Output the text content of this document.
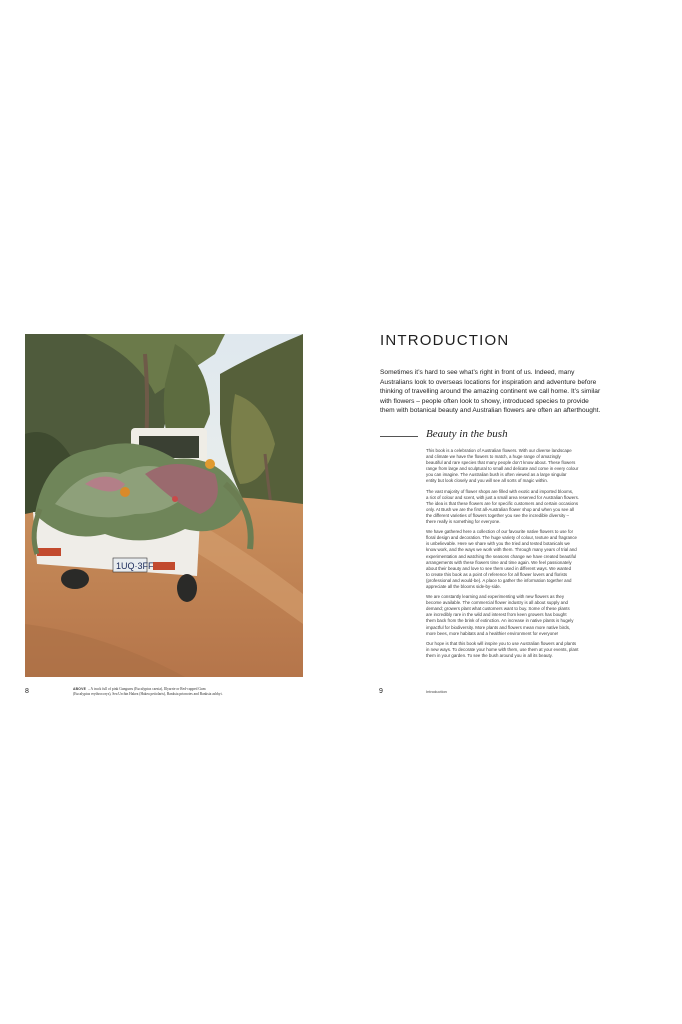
1UQ·3FF
8	ABOVE – A truck full of pink Gungurru (Eucalyptus caesia), Illyarrie or Red-capped Gum
(Eucalyptus erythrocorys), Sea Urchin Hakea (Hakea petiolaris), Banksia prionotes and Banksia ashbyi.
INTRODUCTION
Sometimes it’s hard to see what’s right in front of us. Indeed, many
Australians look to overseas locations for inspiration and adventure before
thinking of travelling around the amazing continent we call home. It’s similar
with flowers – people often look to showy, introduced species to provide
them with botanical beauty and Australian flowers are often an afterthought.
Beauty in the bush

This book is a celebration of Australian flowers. With our diverse landscape
and climate we have the flowers to match, a huge range of amazingly
beautiful and rare species that many people don’t know about. These flowers
range from large and sculptural to small and delicate and come in every colour
you can imagine. The Australian bush is often viewed as a large singular
entity but look closely and you will see all sorts of magic within.

The vast majority of flower shops are filled with exotic and imported blooms,
a riot of colour and scent, with just a small area reserved for Australian flowers.
The idea is that these flowers are for specific customers and certain occasions
only. At Bush we are the first all-Australian flower shop and when you see all
the different varieties of flowers together you see the incredible diversity –
there really is something for everyone.

We have gathered here a collection of our favourite native flowers to use for
floral design and decoration. The huge variety of colour, texture and fragrance
is unbelievable. Here we share with you the tried and tested botanicals we
know work, and the ways we work with them. Through many years of trial and
experimentation and watching the seasons change we have created beautiful
arrangements with these flowers time and time again. We feel passionately
about their beauty and love to see them used in different ways. We wanted
to create this book as a point of reference for all flower lovers and florists
(professional and would-be). A place to gather the information together and
appreciate all the blooms side-by-side.

We are constantly learning and experimenting with new flowers as they
become available. The commercial flower industry is all about supply and
demand; growers plant what customers want to buy. Some of these plants
are incredibly rare in the wild and interest from keen growers has bought
them back from the brink of extinction. An increase in native plants is hugely
impactful for biodiversity. More plants and flowers mean more native birds,
more bees, more habitats and a healthier environment for everyone!

Our hope is that this book will inspire you to use Australian flowers and plants
in new ways. To decorate your home with them, use them at your events, plant
them in your garden. To see the bush around you in all its beauty.

9	Introduction
